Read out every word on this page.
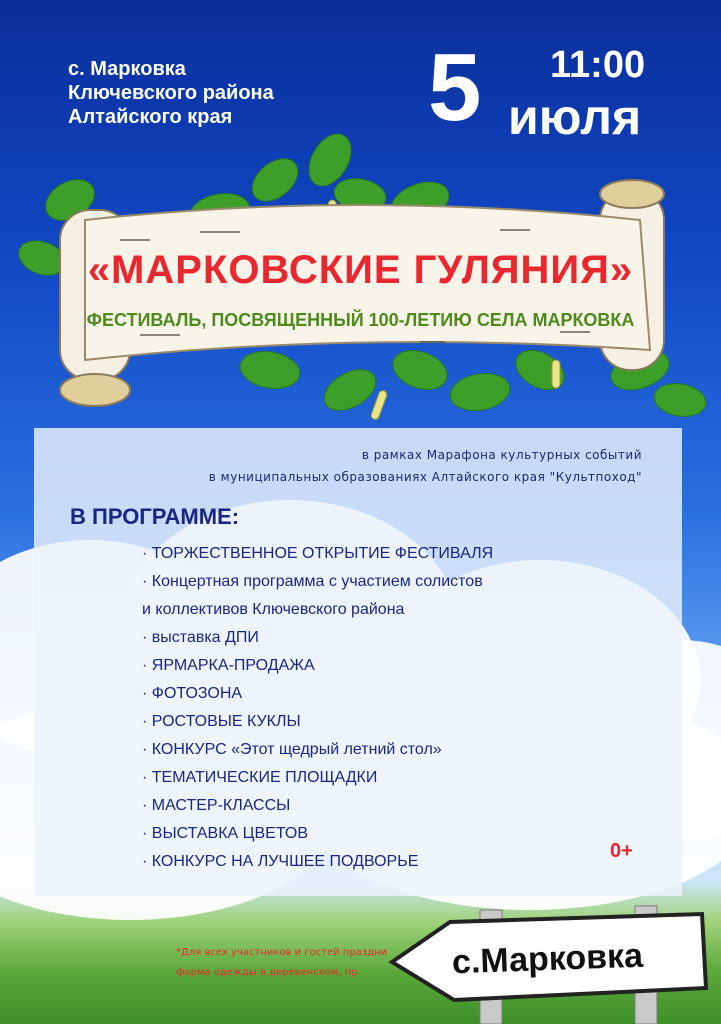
с. Марковка
Ключевского района
Алтайского края
11:00
5 июля
«МАРКОВСКИЕ ГУЛЯНИЯ»
ФЕСТИВАЛЬ, ПОСВЯЩЕННЫЙ 100-ЛЕТИЮ СЕЛА МАРКОВКА
в рамках Марафона культурных событий
в муниципальных образованиях Алтайского края "Культпоход"
В ПРОГРАММЕ:
· ТОРЖЕСТВЕННОЕ ОТКРЫТИЕ ФЕСТИВАЛЯ
· Концертная программа с участием солистов
и коллективов Ключевского района
· выставка ДПИ
· ЯРМАРКА-ПРОДАЖА
· ФОТОЗОНА
· РОСТОВЫЕ КУКЛЫ
· КОНКУРС «Этот щедрый летний стол»
· ТЕМАТИЧЕСКИЕ ПЛОЩАДКИ
· МАСТЕР-КЛАССЫ
· ВЫСТАВКА ЦВЕТОВ
· КОНКУРС НА ЛУЧШЕЕ ПОДВОРЬЕ	0+
*Для всех участников и гостей праздни
форма одежды в деревенском, пр	с.Марковка
